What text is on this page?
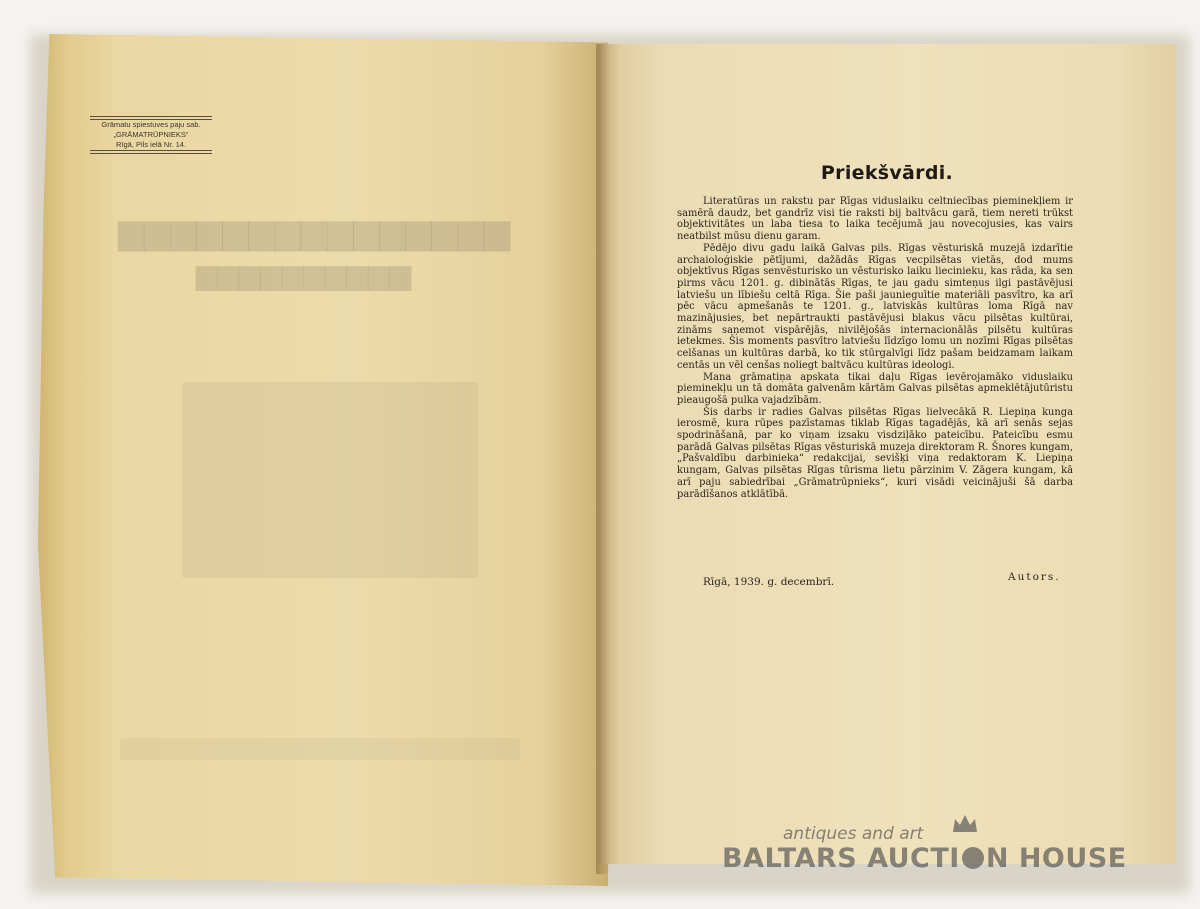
Grāmatu spiestuves paju sab.
„GRĀMATRŪPNIEKS“
Rīgā, Pils ielā Nr. 14.
▆▆▆▆▆▆▆▆▆▆▆▆▆▆▆
▆▆▆▆▆▆▆▆▆▆
Priekšvārdi.

Literatūras un rakstu par Rīgas viduslaiku celtniecības pieminekļiem ir samērā daudz, bet gandrīz visi tie raksti bij baltvācu garā, tiem nereti trūkst objektivitātes un laba tiesa to laika tecējumā jau novecojusies, kas vairs neatbilst mūsu dienu garam.

Pēdējo divu gadu laikā Galvas pils. Rīgas vēsturiskā muzejā izdarītie archaioloģiskie pētījumi, dažādās Rīgas vecpilsētas vietās, dod mums objektīvus Rīgas senvēsturisko un vēsturisko laiku liecinieku, kas rāda, ka sen pirms vācu 1201. g. dibinātās Rīgas, te jau gadu simteņus ilgi pastāvējusi latviešu un lībiešu celtā Rīga. Šie paši jaunieguītie materiāli pasvītro, ka arī pēc vācu apmešanās te 1201. g., latviskās kultūras loma Rīgā nav mazinājusies, bet nepārtraukti pastāvējusi blakus vācu pilsētas kultūrai, zināms saņemot vispārējās, nivilējošās internacionālās pilsētu kultūras ietekmes. Šis moments pasvītro latviešu līdzīgo lomu un nozīmi Rīgas pilsētas celšanas un kultūras darbā, ko tik stūrgalvīgi līdz pašam beidzamam laikam centās un vēl cenšas noliegt baltvācu kultūras ideologi.

Mana grāmatiņa apskata tikai daļu Rīgas ievērojamāko viduslaiku pieminekļu un tā domāta galvenām kārtām Galvas pilsētas apmeklētājutūristu pieaugošā pulka vajadzībām.

Šis darbs ir radies Galvas pilsētas Rīgas lielvecākā R. Liepiņa kunga ierosmē, kura rūpes pazīstamas tiklab Rīgas tagadējās, kā arī senās sejas spodrināšanā, par ko viņam izsaku visdziļāko pateicību. Pateicību esmu parādā Galvas pilsētas Rīgas vēsturiskā muzeja direktoram R. Šnores kungam, „Pašvaldību darbinieka“ redakcijai, sevišķi viņa redaktoram K. Liepiņa kungam, Galvas pilsētas Rīgas tūrisma lietu pārzinim V. Zāgera kungam, kā arī paju sabiedrībai „Grāmatrūpnieks“, kuri visādi veicinājuši šā darba parādīšanos atklātībā.

Rīgā, 1939. g. decembrī.	Autors.
antiques and art
BALTARS AUCTI N HOUSE
